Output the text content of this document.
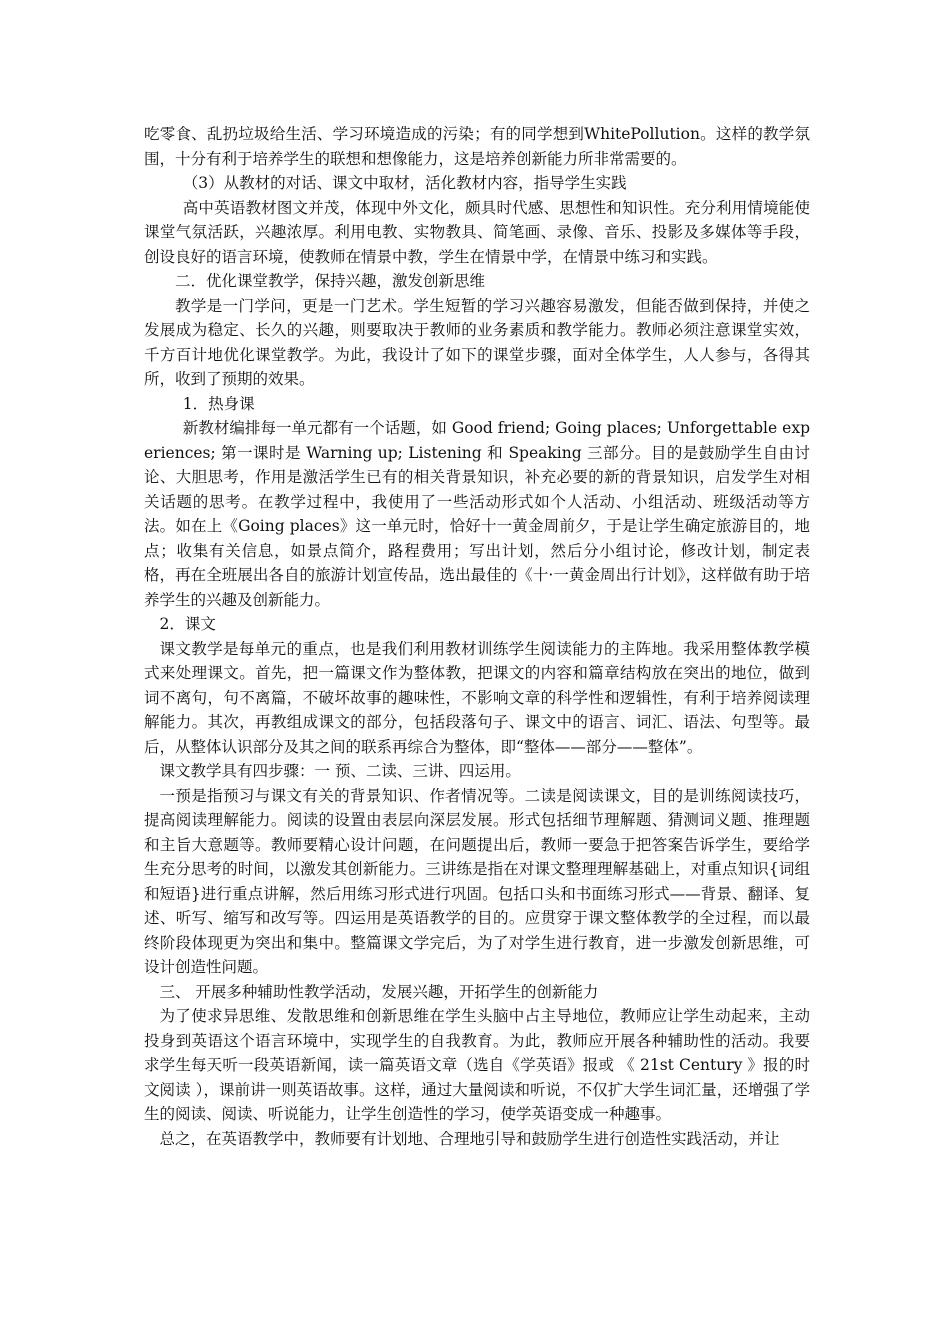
吃零食、乱扔垃圾给生活、学习环境造成的污染；有的同学想到WhitePollution。这样的教学氛围，十分有利于培养学生的联想和想像能力，这是培养创新能力所非常需要的。

（3）从教材的对话、课文中取材，活化教材内容，指导学生实践

高中英语教材图文并茂，体现中外文化，颇具时代感、思想性和知识性。充分利用情境能使课堂气氛活跃，兴趣浓厚。利用电教、实物教具、简笔画、录像、音乐、投影及多媒体等手段，创设良好的语言环境，使教师在情景中教，学生在情景中学，在情景中练习和实践。

二．优化课堂教学，保持兴趣，激发创新思维

教学是一门学问，更是一门艺术。学生短暂的学习兴趣容易激发，但能否做到保持，并使之发展成为稳定、长久的兴趣，则要取决于教师的业务素质和教学能力。教师必须注意课堂实效，千方百计地优化课堂教学。为此，我设计了如下的课堂步骤，面对全体学生，人人参与，各得其所，收到了预期的效果。

1．热身课

新教材编排每一单元都有一个话题，如 Good friend; Going places; Unforgettable experiences; 第一课时是 Warning up; Listening 和 Speaking 三部分。目的是鼓励学生自由讨论、大胆思考，作用是激活学生已有的相关背景知识，补充必要的新的背景知识，启发学生对相关话题的思考。在教学过程中，我使用了一些活动形式如个人活动、小组活动、班级活动等方法。如在上《Going places》这一单元时，恰好十一黄金周前夕，于是让学生确定旅游目的，地点；收集有关信息，如景点简介，路程费用；写出计划，然后分小组讨论，修改计划，制定表格，再在全班展出各自的旅游计划宣传品，选出最佳的《十·一黄金周出行计划》，这样做有助于培养学生的兴趣及创新能力。

2．课文

课文教学是每单元的重点，也是我们利用教材训练学生阅读能力的主阵地。我采用整体教学模式来处理课文。首先，把一篇课文作为整体教，把课文的内容和篇章结构放在突出的地位，做到词不离句，句不离篇，不破坏故事的趣味性，不影响文章的科学性和逻辑性，有利于培养阅读理解能力。其次，再教组成课文的部分，包括段落句子、课文中的语言、词汇、语法、句型等。最后，从整体认识部分及其之间的联系再综合为整体，即“整体——部分——整体”。

课文教学具有四步骤：一 预、二读、三讲、四运用。

一预是指预习与课文有关的背景知识、作者情况等。二读是阅读课文，目的是训练阅读技巧，提高阅读理解能力。阅读的设置由表层向深层发展。形式包括细节理解题、猜测词义题、推理题和主旨大意题等。教师要精心设计问题，在问题提出后，教师一要急于把答案告诉学生，要给学生充分思考的时间，以激发其创新能力。三讲练是指在对课文整理理解基础上，对重点知识{词组和短语}进行重点讲解，然后用练习形式进行巩固。包括口头和书面练习形式——背景、翻译、复述、听写、缩写和改写等。四运用是英语教学的目的。应贯穿于课文整体教学的全过程，而以最终阶段体现更为突出和集中。整篇课文学完后，为了对学生进行教育，进一步激发创新思维，可设计创造性问题。

三、 开展多种辅助性教学活动，发展兴趣，开拓学生的创新能力

为了使求异思维、发散思维和创新思维在学生头脑中占主导地位，教师应让学生动起来，主动投身到英语这个语言环境中，实现学生的自我教育。为此，教师应开展各种辅助性的活动。我要求学生每天听一段英语新闻，读一篇英语文章（选自《学英语》报或 《 21st Century 》报的时文阅读 ），课前讲一则英语故事。这样，通过大量阅读和听说，不仅扩大学生词汇量，还增强了学生的阅读、阅读、听说能力，让学生创造性的学习，使学英语变成一种趣事。

总之，在英语教学中，教师要有计划地、合理地引导和鼓励学生进行创造性实践活动，并让
